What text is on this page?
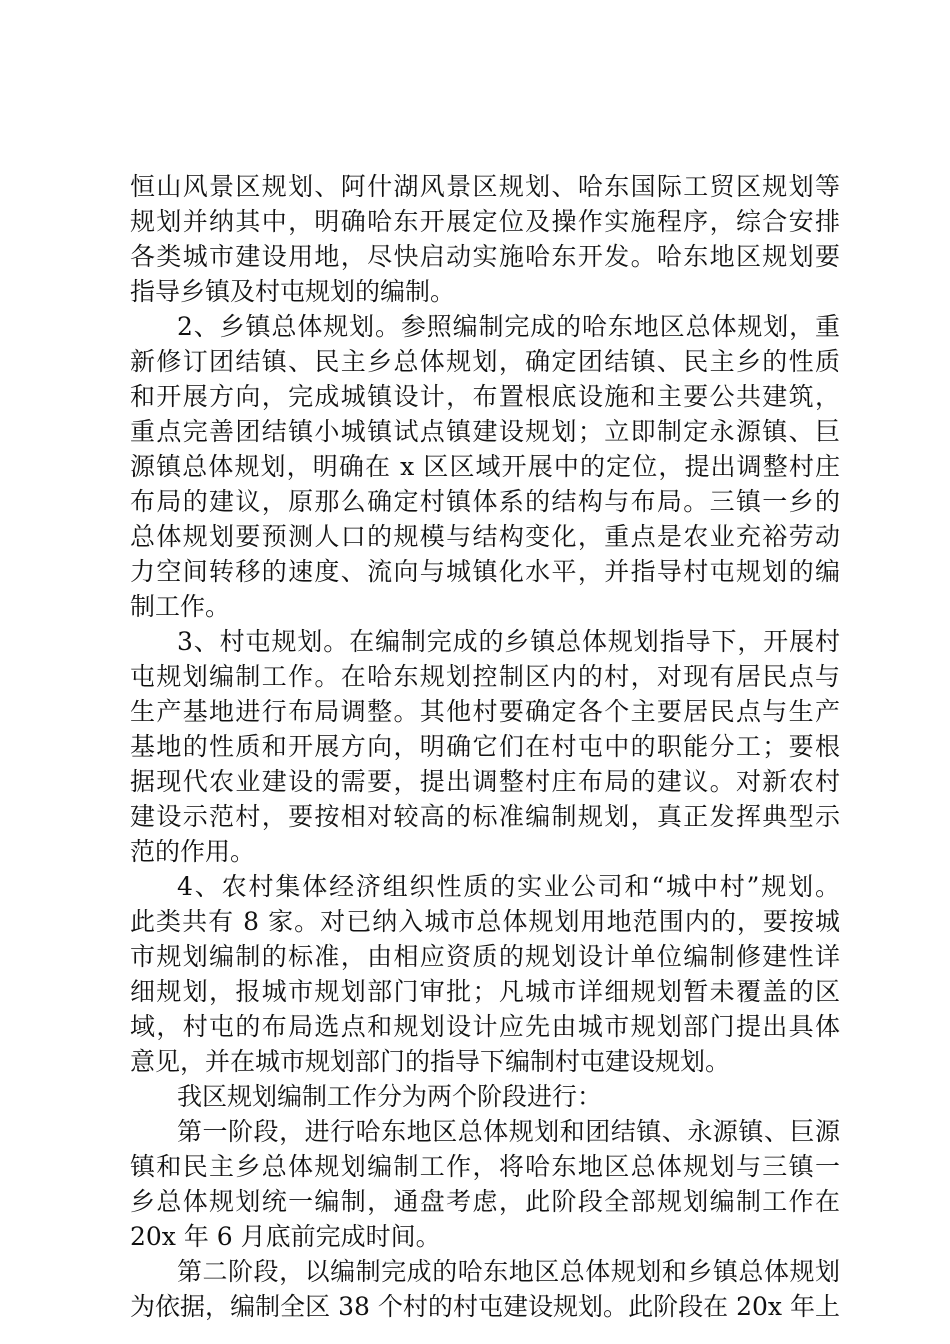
恒山风景区规划、阿什湖风景区规划、哈东国际工贸区规划等
规划并纳其中，明确哈东开展定位及操作实施程序，综合安排
各类城市建设用地，尽快启动实施哈东开发。哈东地区规划要
指导乡镇及村屯规划的编制。
2、乡镇总体规划。参照编制完成的哈东地区总体规划，重
新修订团结镇、民主乡总体规划，确定团结镇、民主乡的性质
和开展方向，完成城镇设计，布置根底设施和主要公共建筑，
重点完善团结镇小城镇试点镇建设规划；立即制定永源镇、巨
源镇总体规划，明确在 x 区区域开展中的定位，提出调整村庄
布局的建议，原那么确定村镇体系的结构与布局。三镇一乡的
总体规划要预测人口的规模与结构变化，重点是农业充裕劳动
力空间转移的速度、流向与城镇化水平，并指导村屯规划的编
制工作。
3、村屯规划。在编制完成的乡镇总体规划指导下，开展村
屯规划编制工作。在哈东规划控制区内的村，对现有居民点与
生产基地进行布局调整。其他村要确定各个主要居民点与生产
基地的性质和开展方向，明确它们在村屯中的职能分工；要根
据现代农业建设的需要，提出调整村庄布局的建议。对新农村
建设示范村，要按相对较高的标准编制规划，真正发挥典型示
范的作用。
4、农村集体经济组织性质的实业公司和“城中村”规划。
此类共有 8 家。对已纳入城市总体规划用地范围内的，要按城
市规划编制的标准，由相应资质的规划设计单位编制修建性详
细规划，报城市规划部门审批；凡城市详细规划暂未覆盖的区
域，村屯的布局选点和规划设计应先由城市规划部门提出具体
意见，并在城市规划部门的指导下编制村屯建设规划。
我区规划编制工作分为两个阶段进行：
第一阶段，进行哈东地区总体规划和团结镇、永源镇、巨源
镇和民主乡总体规划编制工作，将哈东地区总体规划与三镇一
乡总体规划统一编制，通盘考虑，此阶段全部规划编制工作在
20x 年 6 月底前完成时间。
第二阶段，以编制完成的哈东地区总体规划和乡镇总体规划
为依据，编制全区 38 个村的村屯建设规划。此阶段在 20x 年上
